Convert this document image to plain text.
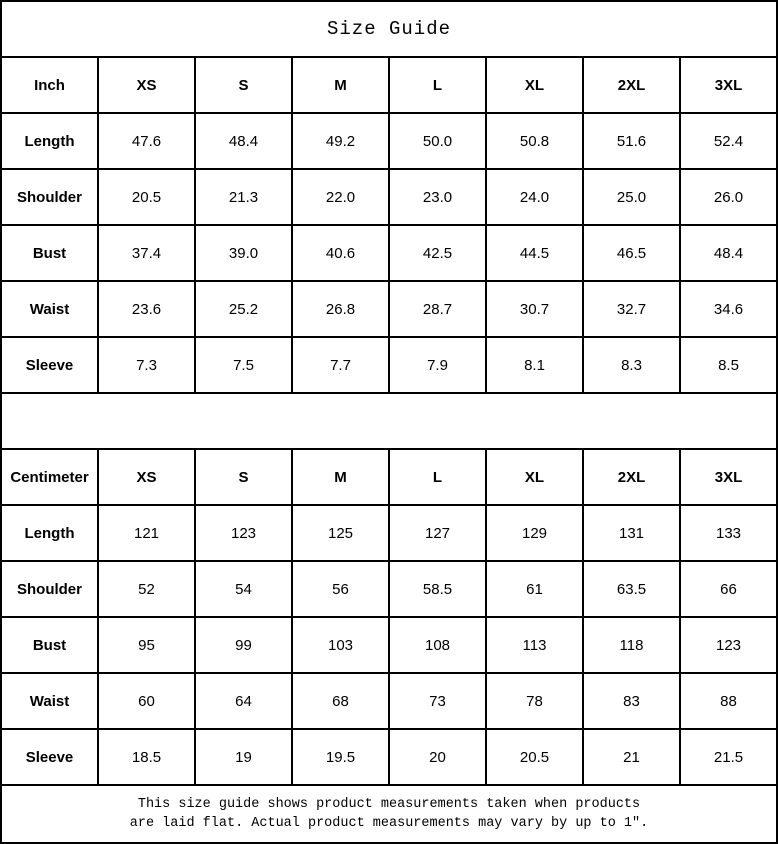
Size Guide							
Inch	XS	S	M	L	XL	2XL	3XL
Length	47.6	48.4	49.2	50.0	50.8	51.6	52.4
Shoulder	20.5	21.3	22.0	23.0	24.0	25.0	26.0
Bust	37.4	39.0	40.6	42.5	44.5	46.5	48.4
Waist	23.6	25.2	26.8	28.7	30.7	32.7	34.6
Sleeve	7.3	7.5	7.7	7.9	8.1	8.3	8.5

Centimeter	XS	S	M	L	XL	2XL	3XL
Length	121	123	125	127	129	131	133
Shoulder	52	54	56	58.5	61	63.5	66
Bust	95	99	103	108	113	118	123
Waist	60	64	68	73	78	83	88
Sleeve	18.5	19	19.5	20	20.5	21	21.5

This size guide shows product measurements taken when products
are laid flat. Actual product measurements may vary by up to 1″.							
